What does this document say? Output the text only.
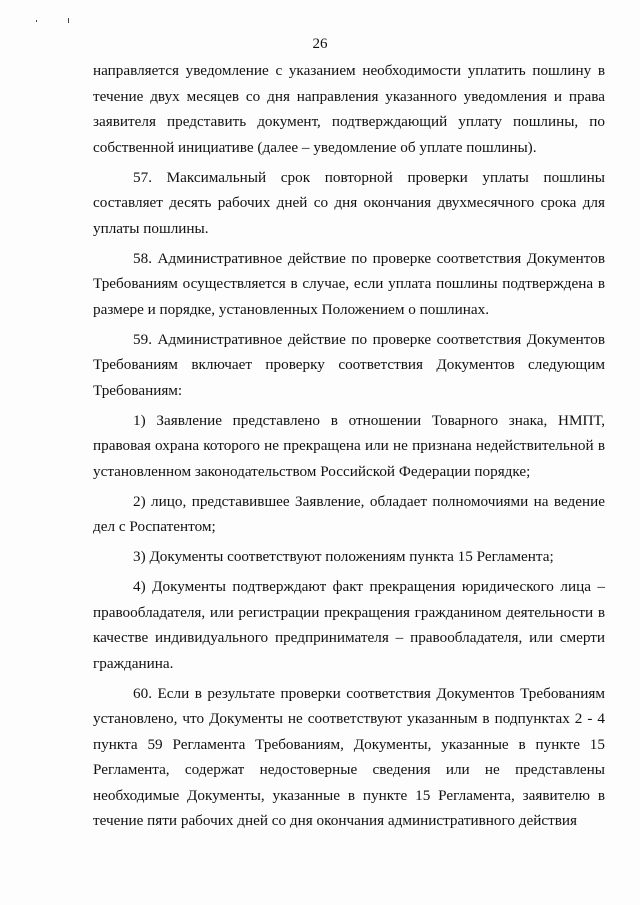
26

направляется уведомление с указанием необходимости уплатить пошлину в течение двух месяцев со дня направления указанного уведомления и права заявителя представить документ, подтверждающий уплату пошлины, по собственной инициативе (далее – уведомление об уплате пошлины).

57. Максимальный срок повторной проверки уплаты пошлины составляет десять рабочих дней со дня окончания двухмесячного срока для уплаты пошлины.

58. Административное действие по проверке соответствия Документов Требованиям осуществляется в случае, если уплата пошлины подтверждена в размере и порядке, установленных Положением о пошлинах.

59. Административное действие по проверке соответствия Документов Требованиям включает проверку соответствия Документов следующим Требованиям:

1) Заявление представлено в отношении Товарного знака, НМПТ, правовая охрана которого не прекращена или не признана недействительной в установленном законодательством Российской Федерации порядке;

2) лицо, представившее Заявление, обладает полномочиями на ведение дел с Роспатентом;

3) Документы соответствуют положениям пункта 15 Регламента;

4) Документы подтверждают факт прекращения юридического лица – правообладателя, или регистрации прекращения гражданином деятельности в качестве индивидуального предпринимателя – правообладателя, или смерти гражданина.

60. Если в результате проверки соответствия Документов Требованиям установлено, что Документы не соответствуют указанным в подпунктах 2 - 4 пункта 59 Регламента Требованиям, Документы, указанные в пункте 15 Регламента, содержат недостоверные сведения или не представлены необходимые Документы, указанные в пункте 15 Регламента, заявителю в течение пяти рабочих дней со дня окончания административного действия
